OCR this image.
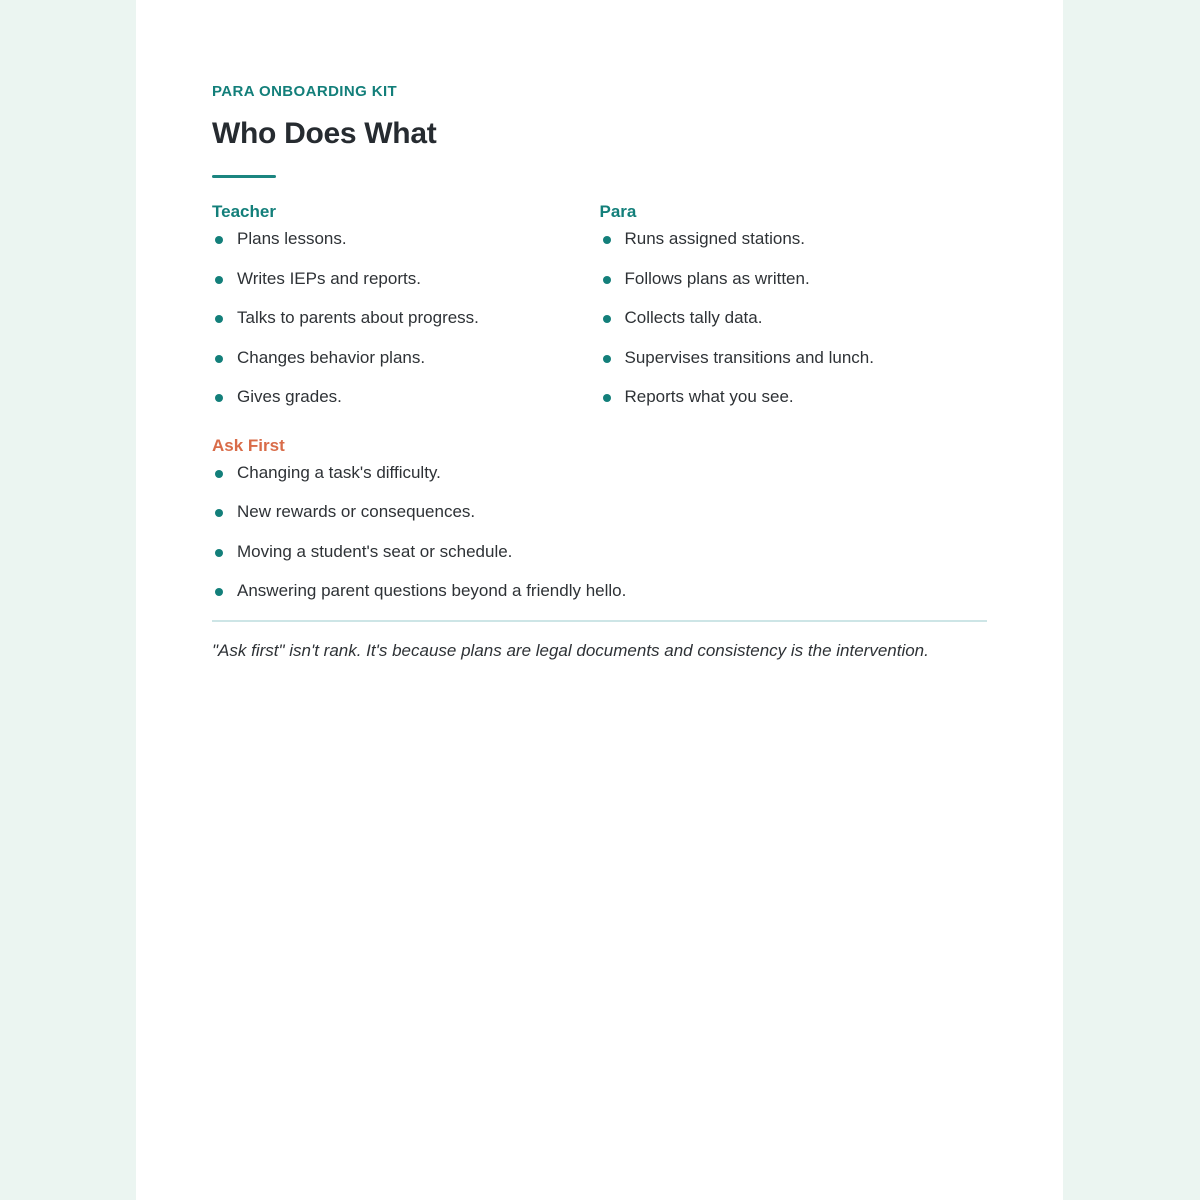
PARA ONBOARDING KIT

Who Does What
Teacher
Plans lessons.
Writes IEPs and reports.
Talks to parents about progress.
Changes behavior plans.
Gives grades.
Para
Runs assigned stations.
Follows plans as written.
Collects tally data.
Supervises transitions and lunch.
Reports what you see.
Ask First
Changing a task's difficulty.
New rewards or consequences.
Moving a student's seat or schedule.
Answering parent questions beyond a friendly hello.

"Ask first" isn't rank. It's because plans are legal documents and consistency is the intervention.
